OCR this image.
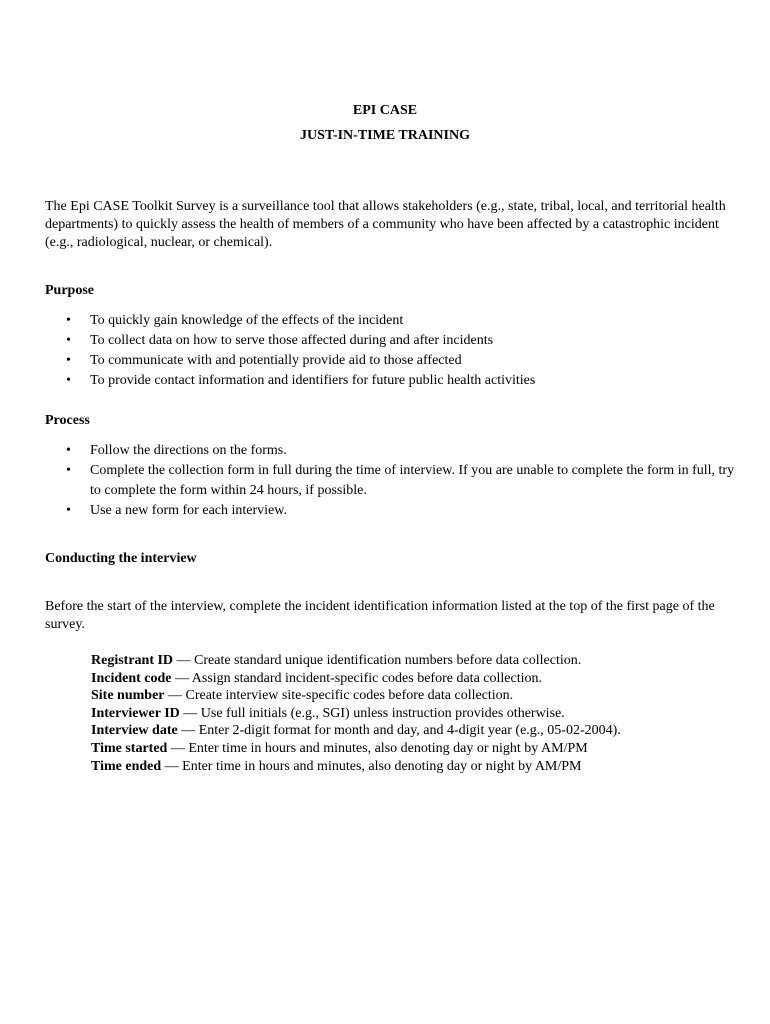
EPI CASE
JUST-IN-TIME TRAINING

The Epi CASE Toolkit Survey is a surveillance tool that allows stakeholders (e.g., state, tribal, local, and territorial health departments) to quickly assess the health of members of a community who have been affected by a catastrophic incident (e.g., radiological, nuclear, or chemical).

Purpose
• To quickly gain knowledge of the effects of the incident
• To collect data on how to serve those affected during and after incidents
• To communicate with and potentially provide aid to those affected
• To provide contact information and identifiers for future public health activities
Process
• Follow the directions on the forms.
• Complete the collection form in full during the time of interview. If you are unable to complete the form in full, try to complete the form within 24 hours, if possible.
• Use a new form for each interview.
Conducting the interview

Before the start of the interview, complete the incident identification information listed at the top of the first page of the survey.

Registrant ID — Create standard unique identification numbers before data collection.
Incident code — Assign standard incident-specific codes before data collection.
Site number — Create interview site-specific codes before data collection.
Interviewer ID — Use full initials (e.g., SGI) unless instruction provides otherwise.
Interview date — Enter 2-digit format for month and day, and 4-digit year (e.g., 05-02-2004).
Time started — Enter time in hours and minutes, also denoting day or night by AM/PM
Time ended — Enter time in hours and minutes, also denoting day or night by AM/PM
